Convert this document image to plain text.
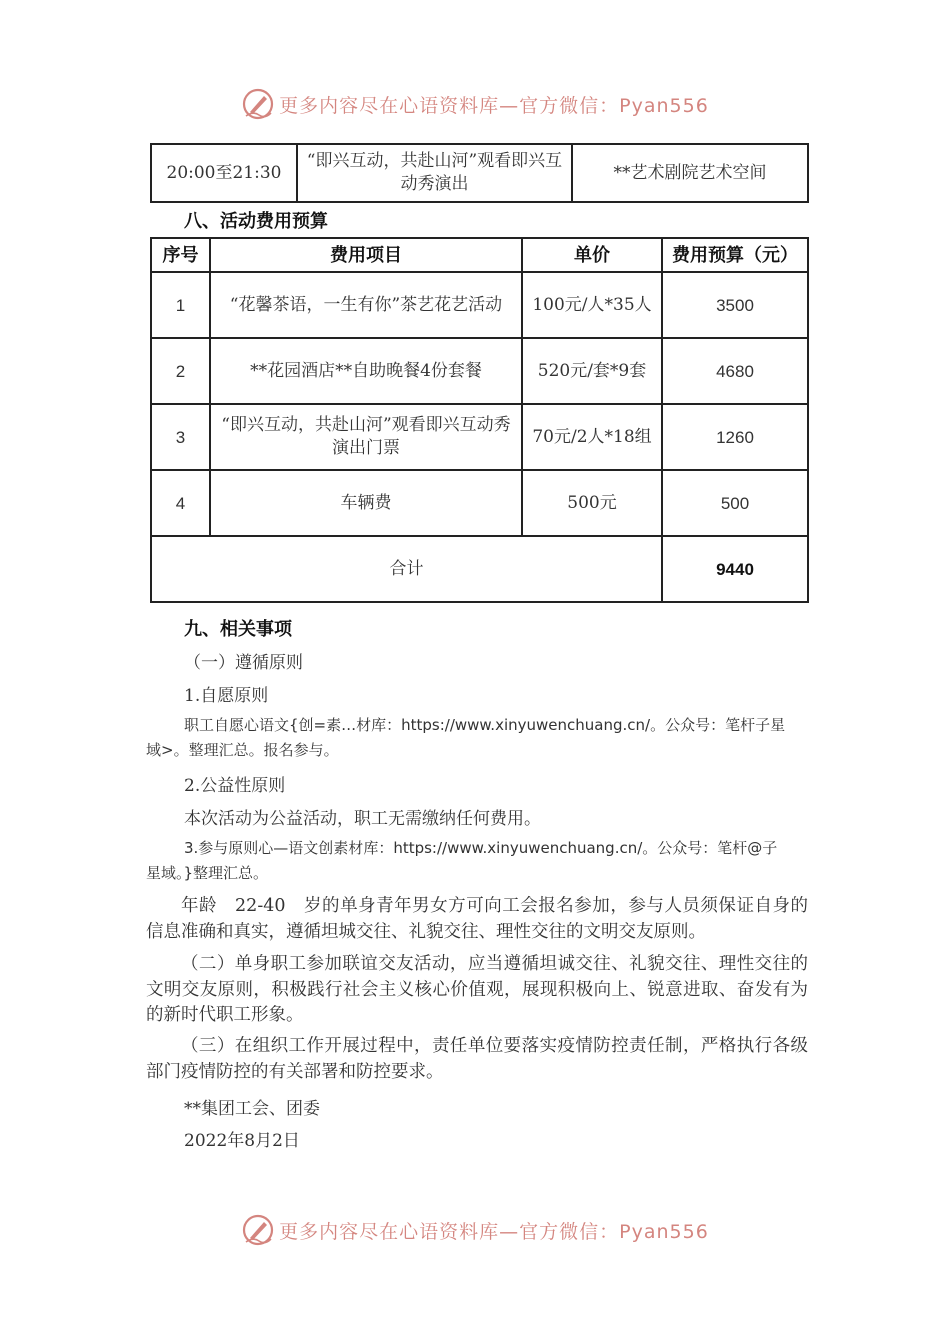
更多内容尽在心语资料库—官方微信：Pyan556
20:00至21:30	“即兴互动，共赴山河”观看即兴互动秀演出	**艺术剧院艺术空间
八、活动费用预算
序号	费用项目	单价	费用预算（元）
1	“花馨茶语，一生有你”茶艺花艺活动	100元/人*35人	3500
2	**花园酒店**自助晚餐4份套餐	520元/套*9套	4680
3	“即兴互动，共赴山河”观看即兴互动秀演出门票	70元/2人*18组	1260
4	车辆费	500元	500
合计			9440
九、相关事项
（一）遵循原则
1.自愿原则
职工自愿心语文{创=素…材库：https://www.xinyuwenchuang.cn/。公众号：笔杆子星
域>。整理汇总。报名参与。
2.公益性原则
本次活动为公益活动，职工无需缴纳任何费用。
3.参与原则心—语文创素材库：https://www.xinyuwenchuang.cn/。公众号：笔杆@子
星域。}整理汇总。
年龄　22-40　岁的单身青年男女方可向工会报名参加，参与人员须保证自身的信息准确和真实，遵循坦城交往、礼貌交往、理性交往的文明交友原则。
（二）单身职工参加联谊交友活动，应当遵循坦诚交往、礼貌交往、理性交往的文明交友原则，积极践行社会主义核心价值观，展现积极向上、锐意进取、奋发有为的新时代职工形象。
（三）在组织工作开展过程中，责任单位要落实疫情防控责任制，严格执行各级部门疫情防控的有关部署和防控要求。
**集团工会、团委
2022年8月2日
更多内容尽在心语资料库—官方微信：Pyan556
